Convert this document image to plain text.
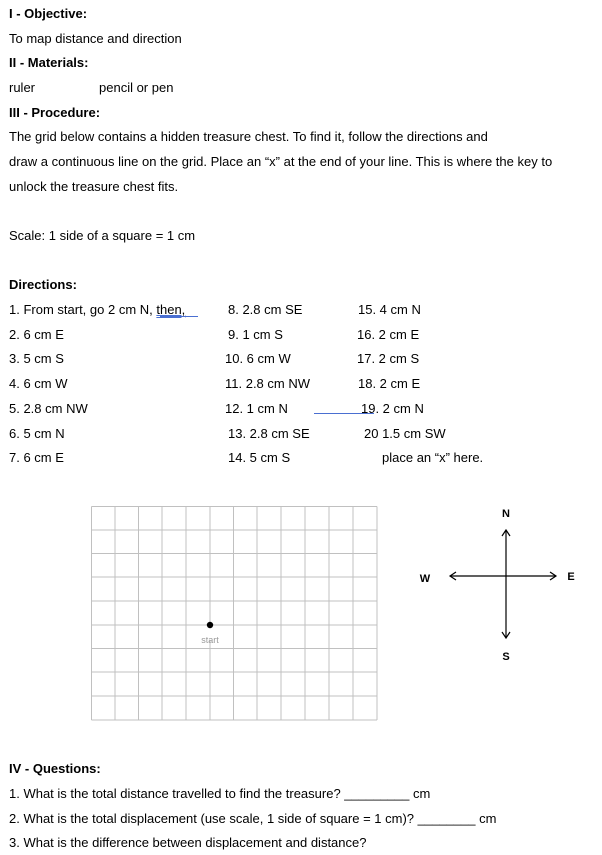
I - Objective:
To map distance and direction
II - Materials:
ruler	pencil or pen
III - Procedure:
The grid below contains a hidden treasure chest. To find it, follow the directions and
draw a continuous line on the grid. Place an “x” at the end of your line. This is where the key to
unlock the treasure chest fits.
Scale: 1 side of a square = 1 cm
Directions:
1. From start, go 2 cm N, then,
2. 6 cm E
3. 5 cm S
4. 6 cm W
5. 2.8 cm NW
6. 5 cm N
7. 6 cm E
8. 2.8 cm SE
9. 1 cm S
10. 6 cm W
11. 2.8 cm NW
12. 1 cm N
13. 2.8 cm SE
14. 5 cm S
15. 4 cm N
16. 2 cm E
17. 2 cm S
18. 2 cm E
19. 2 cm N
20 1.5 cm SW
place an “x” here.
start
N
S
E
W
IV - Questions:
1. What is the total distance travelled to find the treasure? _________ cm
2. What is the total displacement (use scale, 1 side of square = 1 cm)? ________ cm
3. What is the difference between displacement and distance?
